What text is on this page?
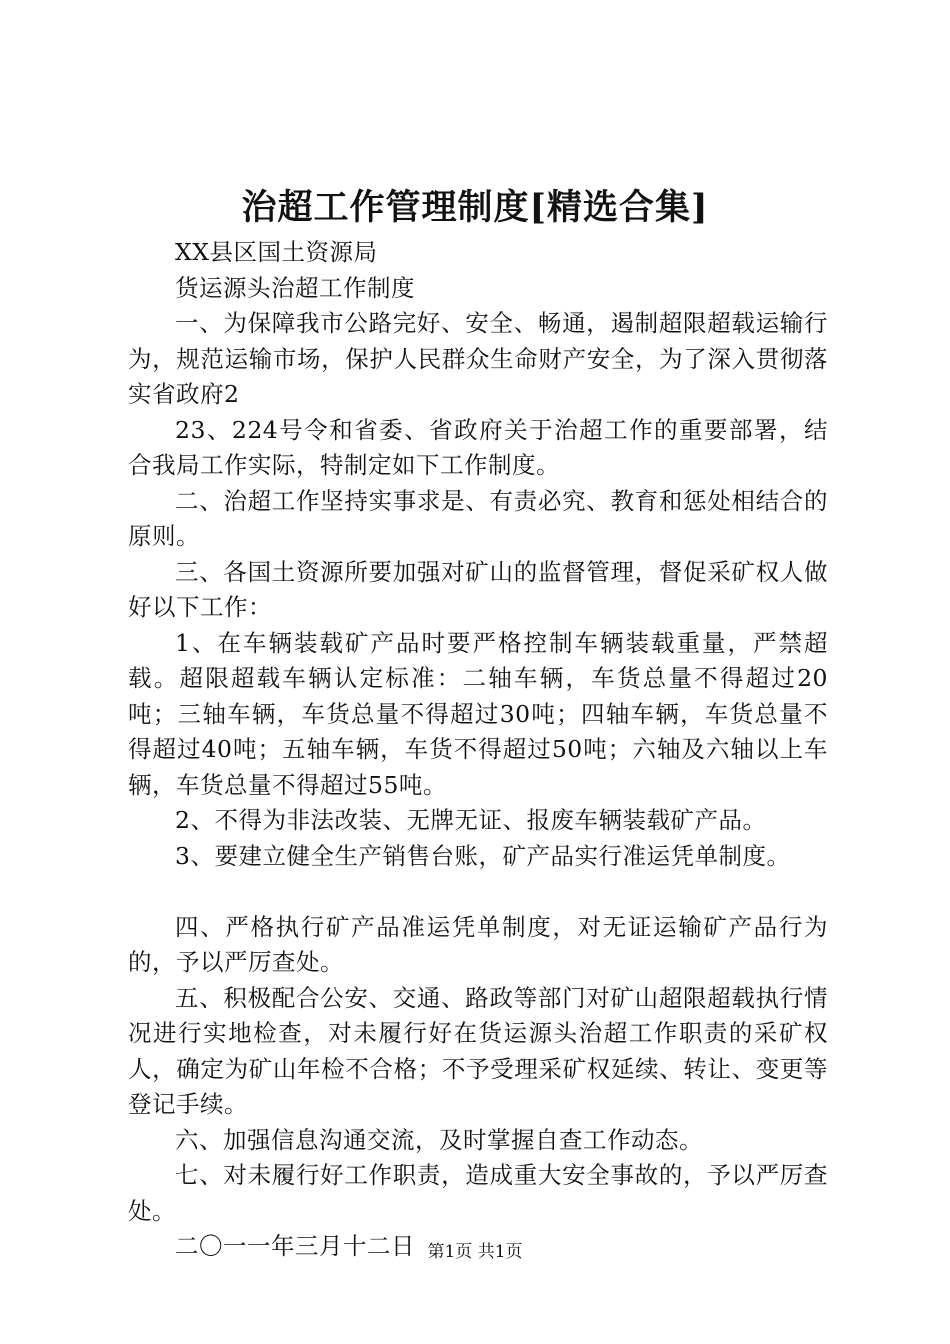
治超工作管理制度[精选合集]

XX县区国土资源局

货运源头治超工作制度

一、为保障我市公路完好、安全、畅通，遏制超限超载运输行为，规范运输市场，保护人民群众生命财产安全，为了深入贯彻落实省政府2

23、224号令和省委、省政府关于治超工作的重要部署，结合我局工作实际，特制定如下工作制度。

二、治超工作坚持实事求是、有责必究、教育和惩处相结合的原则。

三、各国土资源所要加强对矿山的监督管理，督促采矿权人做好以下工作：

1、在车辆装载矿产品时要严格控制车辆装载重量，严禁超载。超限超载车辆认定标准：二轴车辆，车货总量不得超过20吨；三轴车辆，车货总量不得超过30吨；四轴车辆，车货总量不得超过40吨；五轴车辆，车货不得超过50吨；六轴及六轴以上车辆，车货总量不得超过55吨。

2、不得为非法改装、无牌无证、报废车辆装载矿产品。

3、要建立健全生产销售台账，矿产品实行准运凭单制度。

四、严格执行矿产品准运凭单制度，对无证运输矿产品行为的，予以严厉查处。

五、积极配合公安、交通、路政等部门对矿山超限超载执行情况进行实地检查，对未履行好在货运源头治超工作职责的采矿权人，确定为矿山年检不合格；不予受理采矿权延续、转让、变更等登记手续。

六、加强信息沟通交流，及时掌握自查工作动态。

七、对未履行好工作职责，造成重大安全事故的，予以严厉查处。

二〇一一年三月十二日 第1页 共1页
